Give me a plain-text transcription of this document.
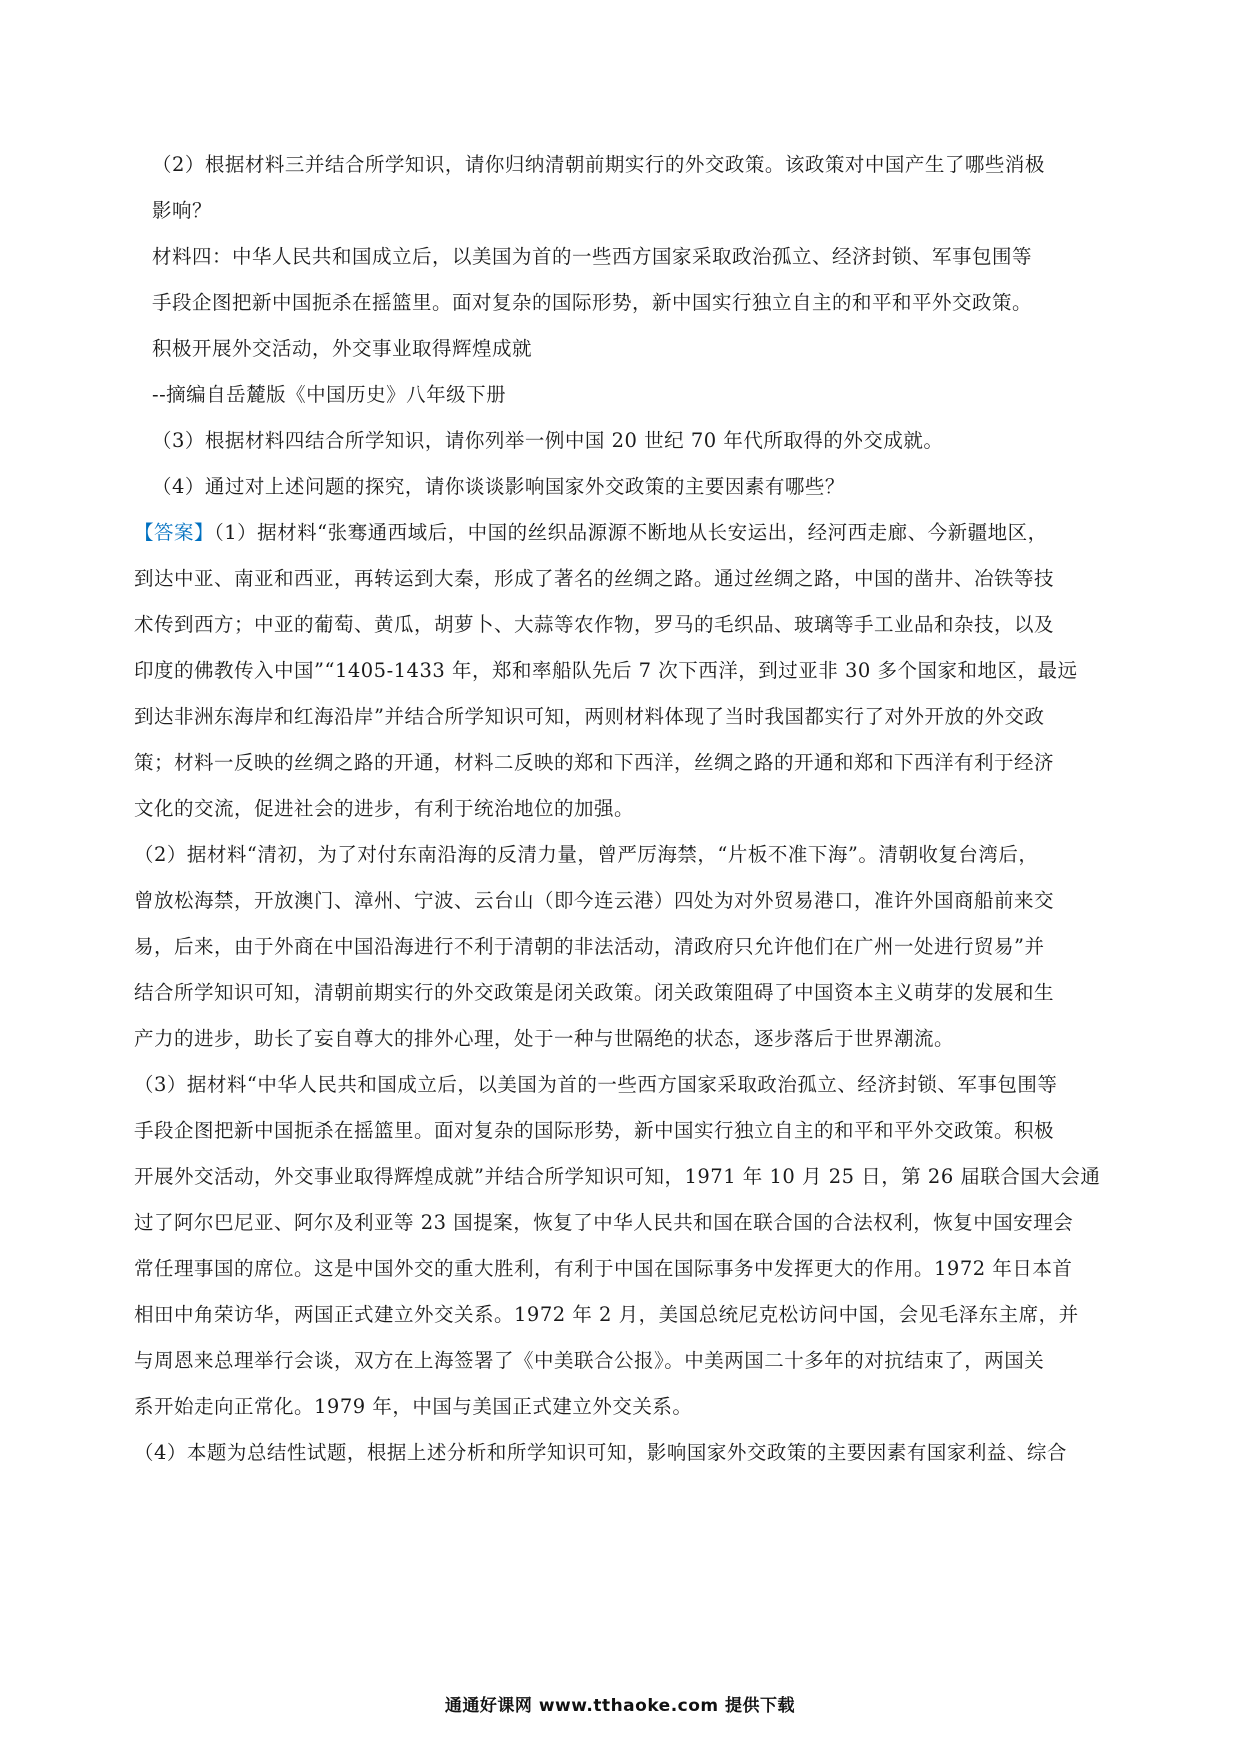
（2）根据材料三并结合所学知识，请你归纳清朝前期实行的外交政策。该政策对中国产生了哪些消极
影响？
材料四：中华人民共和国成立后，以美国为首的一些西方国家采取政治孤立、经济封锁、军事包围等
手段企图把新中国扼杀在摇篮里。面对复杂的国际形势，新中国实行独立自主的和平和平外交政策。
积极开展外交活动，外交事业取得辉煌成就
--摘编自岳麓版《中国历史》八年级下册
（3）根据材料四结合所学知识，请你列举一例中国 20 世纪 70 年代所取得的外交成就。
（4）通过对上述问题的探究，请你谈谈影响国家外交政策的主要因素有哪些？
【答案】（1）据材料“张骞通西域后，中国的丝织品源源不断地从长安运出，经河西走廊、今新疆地区，
到达中亚、南亚和西亚，再转运到大秦，形成了著名的丝绸之路。通过丝绸之路，中国的凿井、冶铁等技
术传到西方；中亚的葡萄、黄瓜，胡萝卜、大蒜等农作物，罗马的毛织品、玻璃等手工业品和杂技，以及
印度的佛教传入中国”“1405-1433 年，郑和率船队先后 7 次下西洋，到过亚非 30 多个国家和地区，最远
到达非洲东海岸和红海沿岸”并结合所学知识可知，两则材料体现了当时我国都实行了对外开放的外交政
策；材料一反映的丝绸之路的开通，材料二反映的郑和下西洋，丝绸之路的开通和郑和下西洋有利于经济
文化的交流，促进社会的进步，有利于统治地位的加强。
（2）据材料“清初，为了对付东南沿海的反清力量，曾严厉海禁，“片板不准下海”。清朝收复台湾后，
曾放松海禁，开放澳门、漳州、宁波、云台山（即今连云港）四处为对外贸易港口，准许外国商船前来交
易，后来，由于外商在中国沿海进行不利于清朝的非法活动，清政府只允许他们在广州一处进行贸易”并
结合所学知识可知，清朝前期实行的外交政策是闭关政策。闭关政策阻碍了中国资本主义萌芽的发展和生
产力的进步，助长了妄自尊大的排外心理，处于一种与世隔绝的状态，逐步落后于世界潮流。
（3）据材料“中华人民共和国成立后，以美国为首的一些西方国家采取政治孤立、经济封锁、军事包围等
手段企图把新中国扼杀在摇篮里。面对复杂的国际形势，新中国实行独立自主的和平和平外交政策。积极
开展外交活动，外交事业取得辉煌成就”并结合所学知识可知，1971 年 10 月 25 日，第 26 届联合国大会通
过了阿尔巴尼亚、阿尔及利亚等 23 国提案，恢复了中华人民共和国在联合国的合法权利，恢复中国安理会
常任理事国的席位。这是中国外交的重大胜利，有利于中国在国际事务中发挥更大的作用。1972 年日本首
相田中角荣访华，两国正式建立外交关系。1972 年 2 月，美国总统尼克松访问中国，会见毛泽东主席，并
与周恩来总理举行会谈，双方在上海签署了《中美联合公报》。中美两国二十多年的对抗结束了，两国关
系开始走向正常化。1979 年，中国与美国正式建立外交关系。
（4）本题为总结性试题，根据上述分析和所学知识可知，影响国家外交政策的主要因素有国家利益、综合
通通好课网 www.tthaoke.com 提供下载
